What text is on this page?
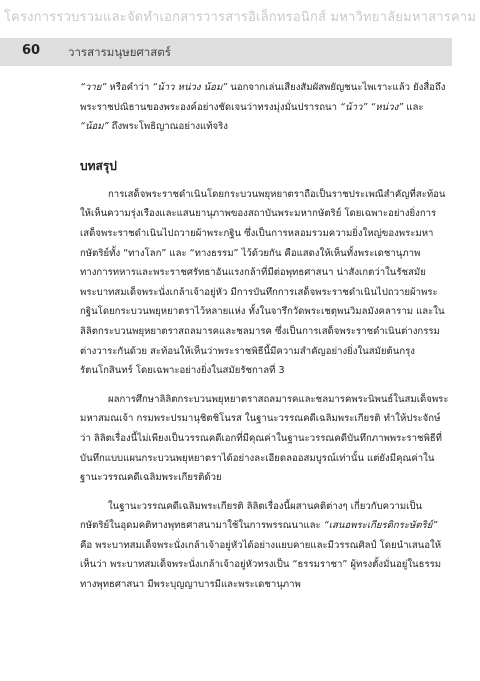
โครงการรวบรวมและจัดทำเอกสารวารสารอิเล็กทรอนิกส์ มหาวิทยาลัยมหาสารคาม
60 วารสารมนุษยศาสตร์

“วาย” หรือคำว่า “น้าว หน่วง น้อม” นอกจากเล่นเสียงสัมผัสพยัญชนะไพเราะแล้ว ยังสื่อถึงพระราชปณิธานของพระองค์อย่างชัดเจนว่าทรงมุ่งมั่นปรารถนา “น้าว” “หน่วง” และ “น้อม” ถึงพระโพธิญาณอย่างแท้จริง

บทสรุป

การเสด็จพระราชดำเนินโดยกระบวนพยุหยาตราถือเป็นราชประเพณีสำคัญที่สะท้อนให้เห็นความรุ่งเรืองและแสนยานุภาพของสถาบันพระมหากษัตริย์ โดยเฉพาะอย่างยิ่งการเสด็จพระราชดำเนินไปถวายผ้าพระกฐิน ซึ่งเป็นการหลอมรวมความยิ่งใหญ่ของพระมหากษัตริย์ทั้ง “ทางโลก” และ “ทางธรรม” ไว้ด้วยกัน คือแสดงให้เห็นทั้งพระเดชานุภาพทางการทหารและพระราชศรัทธาอันแรงกล้าที่มีต่อพุทธศาสนา น่าสังเกตว่าในรัชสมัยพระบาทสมเด็จพระนั่งเกล้าเจ้าอยู่หัว มีการบันทึกการเสด็จพระราชดำเนินไปถวายผ้าพระกฐินโดยกระบวนพยุหยาตราไว้หลายแห่ง ทั้งในจารึกวัดพระเชตุพนวิมลมังคลาราม และในลิลิตกระบวนพยุหยาตราสถลมารคและชลมารค ซึ่งเป็นการเสด็จพระราชดำเนินต่างกรรมต่างวาระกันด้วย สะท้อนให้เห็นว่าพระราชพิธีนี้มีความสำคัญอย่างยิ่งในสมัยต้นกรุงรัตนโกสินทร์ โดยเฉพาะอย่างยิ่งในสมัยรัชกาลที่ 3

ผลการศึกษาลิลิตกระบวนพยุหยาตราสถลมารคและชลมารคพระนิพนธ์ในสมเด็จพระมหาสมณเจ้า กรมพระปรมานุชิตชิโนรส ในฐานะวรรณคดีเฉลิมพระเกียรติ ทำให้ประจักษ์ว่า ลิลิตเรื่องนี้ไม่เพียงเป็นวรรณคดีเอกที่มีคุณค่าในฐานะวรรณคดีบันทึกภาพพระราชพิธีที่บันทึกแบบแผนกระบวนพยุหยาตราได้อย่างละเอียดลออสมบูรณ์เท่านั้น แต่ยังมีคุณค่าในฐานะวรรณคดีเฉลิมพระเกียรติด้วย

ในฐานะวรรณคดีเฉลิมพระเกียรติ ลิลิตเรื่องนี้ผสานคติต่างๆ เกี่ยวกับความเป็นกษัตริย์ในอุดมคติทางพุทธศาสนามาใช้ในการพรรณนาและ “เสนอพระเกียรติกระษัตริย์” คือ พระบาทสมเด็จพระนั่งเกล้าเจ้าอยู่หัวได้อย่างแยบคายและมีวรรณศิลป์ โดยนำเสนอให้เห็นว่า พระบาทสมเด็จพระนั่งเกล้าเจ้าอยู่หัวทรงเป็น “ธรรมราชา” ผู้ทรงตั้งมั่นอยู่ในธรรมทางพุทธศาสนา มีพระบุญญาบารมีและพระเดชานุภาพ
